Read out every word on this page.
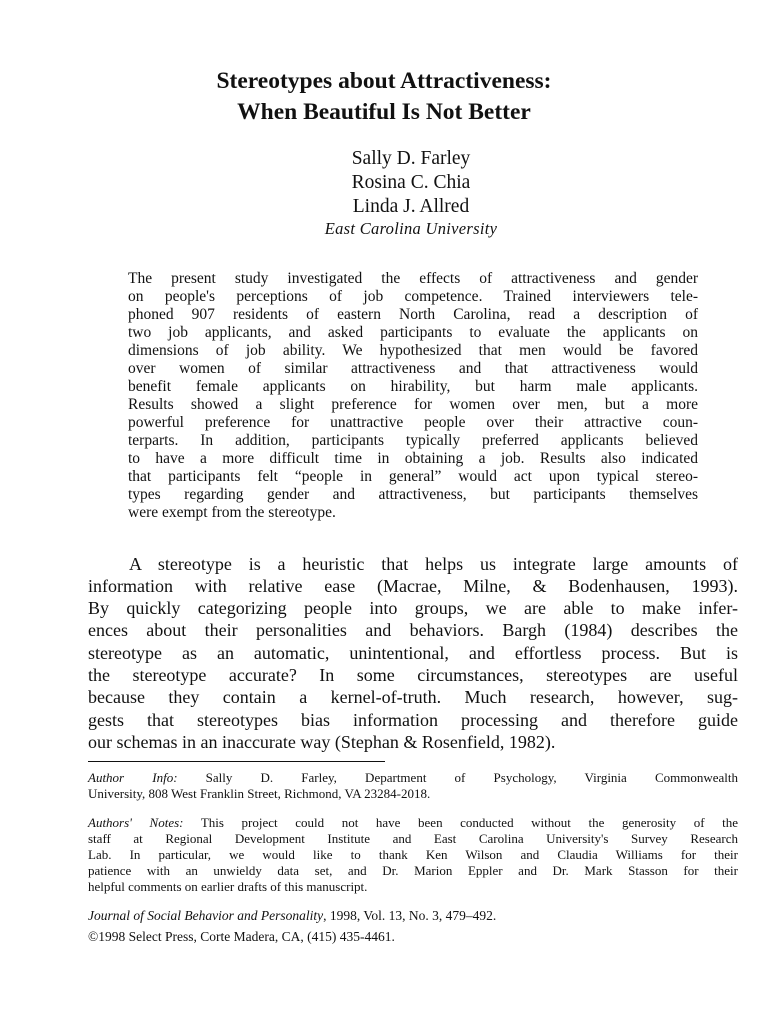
Stereotypes about Attractiveness:
When Beautiful Is Not Better
Sally D. Farley
Rosina C. Chia
Linda J. Allred
East Carolina University
The present study investigated the effects of attractiveness and gender
on people's perceptions of job competence. Trained interviewers tele-
phoned 907 residents of eastern North Carolina, read a description of
two job applicants, and asked participants to evaluate the applicants on
dimensions of job ability. We hypothesized that men would be favored
over women of similar attractiveness and that attractiveness would
benefit female applicants on hirability, but harm male applicants.
Results showed a slight preference for women over men, but a more
powerful preference for unattractive people over their attractive coun-
terparts. In addition, participants typically preferred applicants believed
to have a more difficult time in obtaining a job. Results also indicated
that participants felt “people in general” would act upon typical stereo-
types regarding gender and attractiveness, but participants themselves
were exempt from the stereotype.
A stereotype is a heuristic that helps us integrate large amounts of
information with relative ease (Macrae, Milne, & Bodenhausen, 1993).
By quickly categorizing people into groups, we are able to make infer-
ences about their personalities and behaviors. Bargh (1984) describes the
stereotype as an automatic, unintentional, and effortless process. But is
the stereotype accurate? In some circumstances, stereotypes are useful
because they contain a kernel-of-truth. Much research, however, sug-
gests that stereotypes bias information processing and therefore guide
our schemas in an inaccurate way (Stephan & Rosenfield, 1982).
Author Info: Sally D. Farley, Department of Psychology, Virginia Commonwealth
University, 808 West Franklin Street, Richmond, VA 23284-2018.
Authors' Notes: This project could not have been conducted without the generosity of the
staff at Regional Development Institute and East Carolina University's Survey Research
Lab. In particular, we would like to thank Ken Wilson and Claudia Williams for their
patience with an unwieldy data set, and Dr. Marion Eppler and Dr. Mark Stasson for their
helpful comments on earlier drafts of this manuscript.
Journal of Social Behavior and Personality, 1998, Vol. 13, No. 3, 479–492.
©1998 Select Press, Corte Madera, CA, (415) 435-4461.
